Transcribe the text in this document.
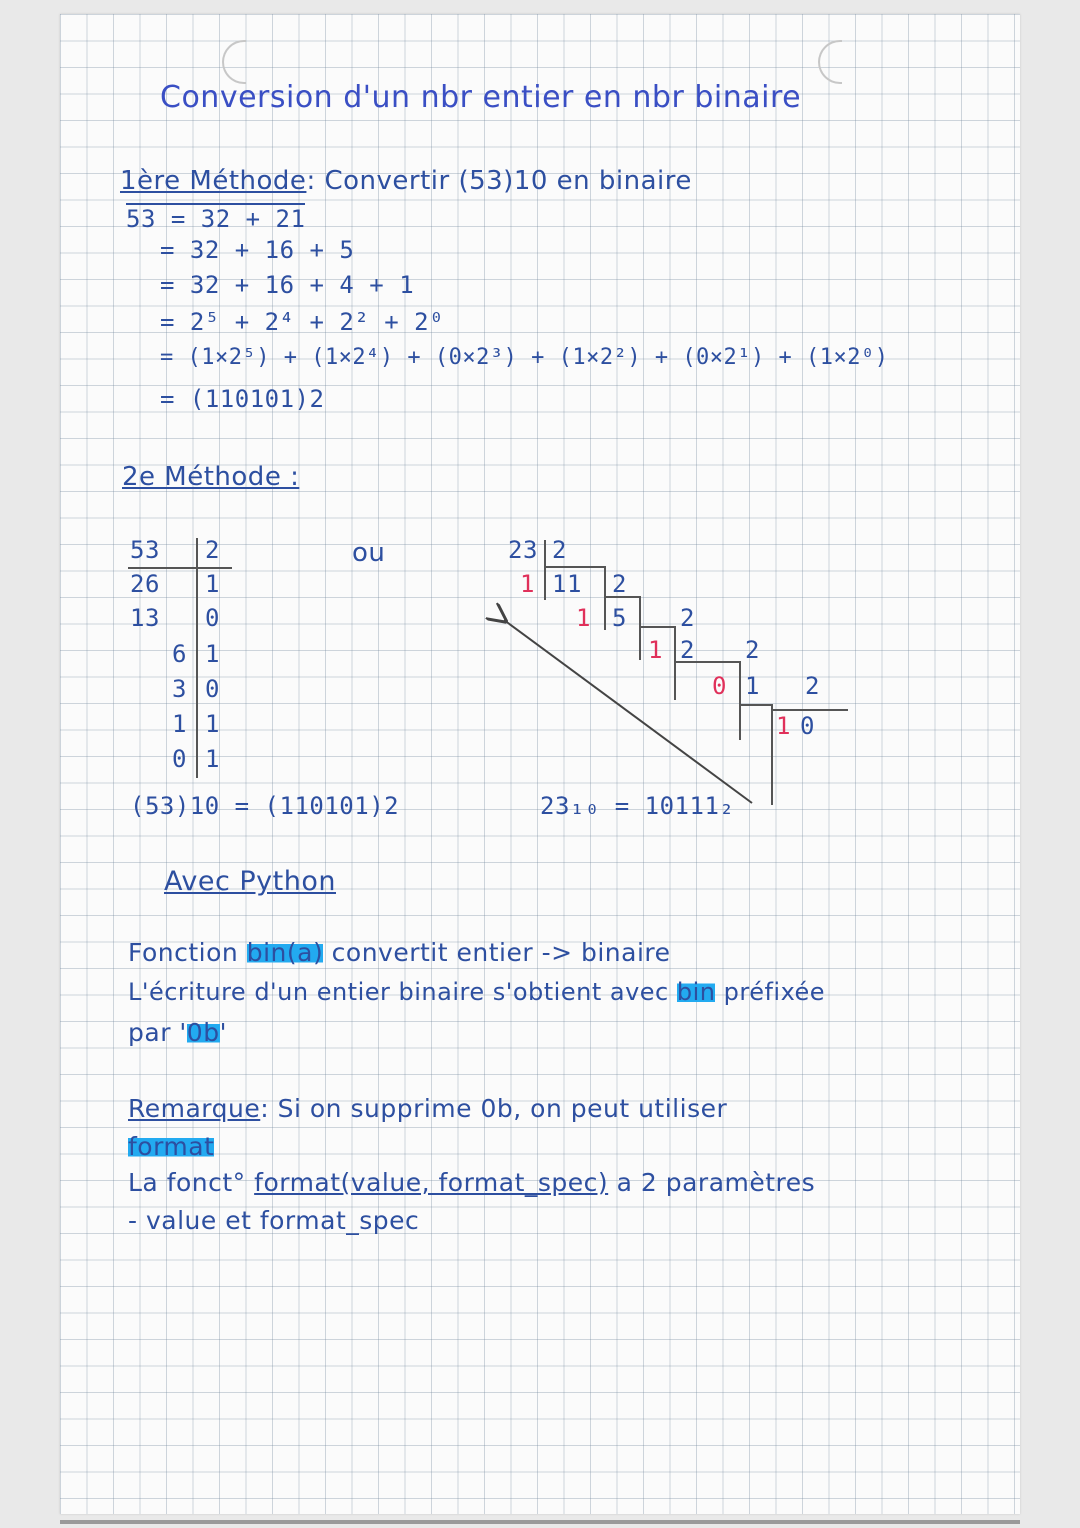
Conversion d'un nbr entier en nbr binaire
1ère Méthode: Convertir (53)10 en binaire
53 = 32 + 21
= 32 + 16 + 5
= 32 + 16 + 4 + 1
= 2⁵ + 2⁴ + 2² + 2⁰
= (1×2⁵) + (1×2⁴) + (0×2³) + (1×2²) + (0×2¹) + (1×2⁰)
= (110101)2
2e Méthode :
53 2
26 1
13 0
6 1
3 0
1 1
0 1
ou	23 2
1 11 2
1 5 2
1 2 2
0 1 2
1 0
(53)10 = (110101)2	23₁₀ = 10111₂
Avec Python
Fonction bin(a) convertit entier -> binaire
L'écriture d'un entier binaire s'obtient avec bin préfixée
par '0b'
Remarque: Si on supprime 0b, on peut utiliser
format
La fonct° format(value, format_spec) a 2 paramètres
- value et format_spec
